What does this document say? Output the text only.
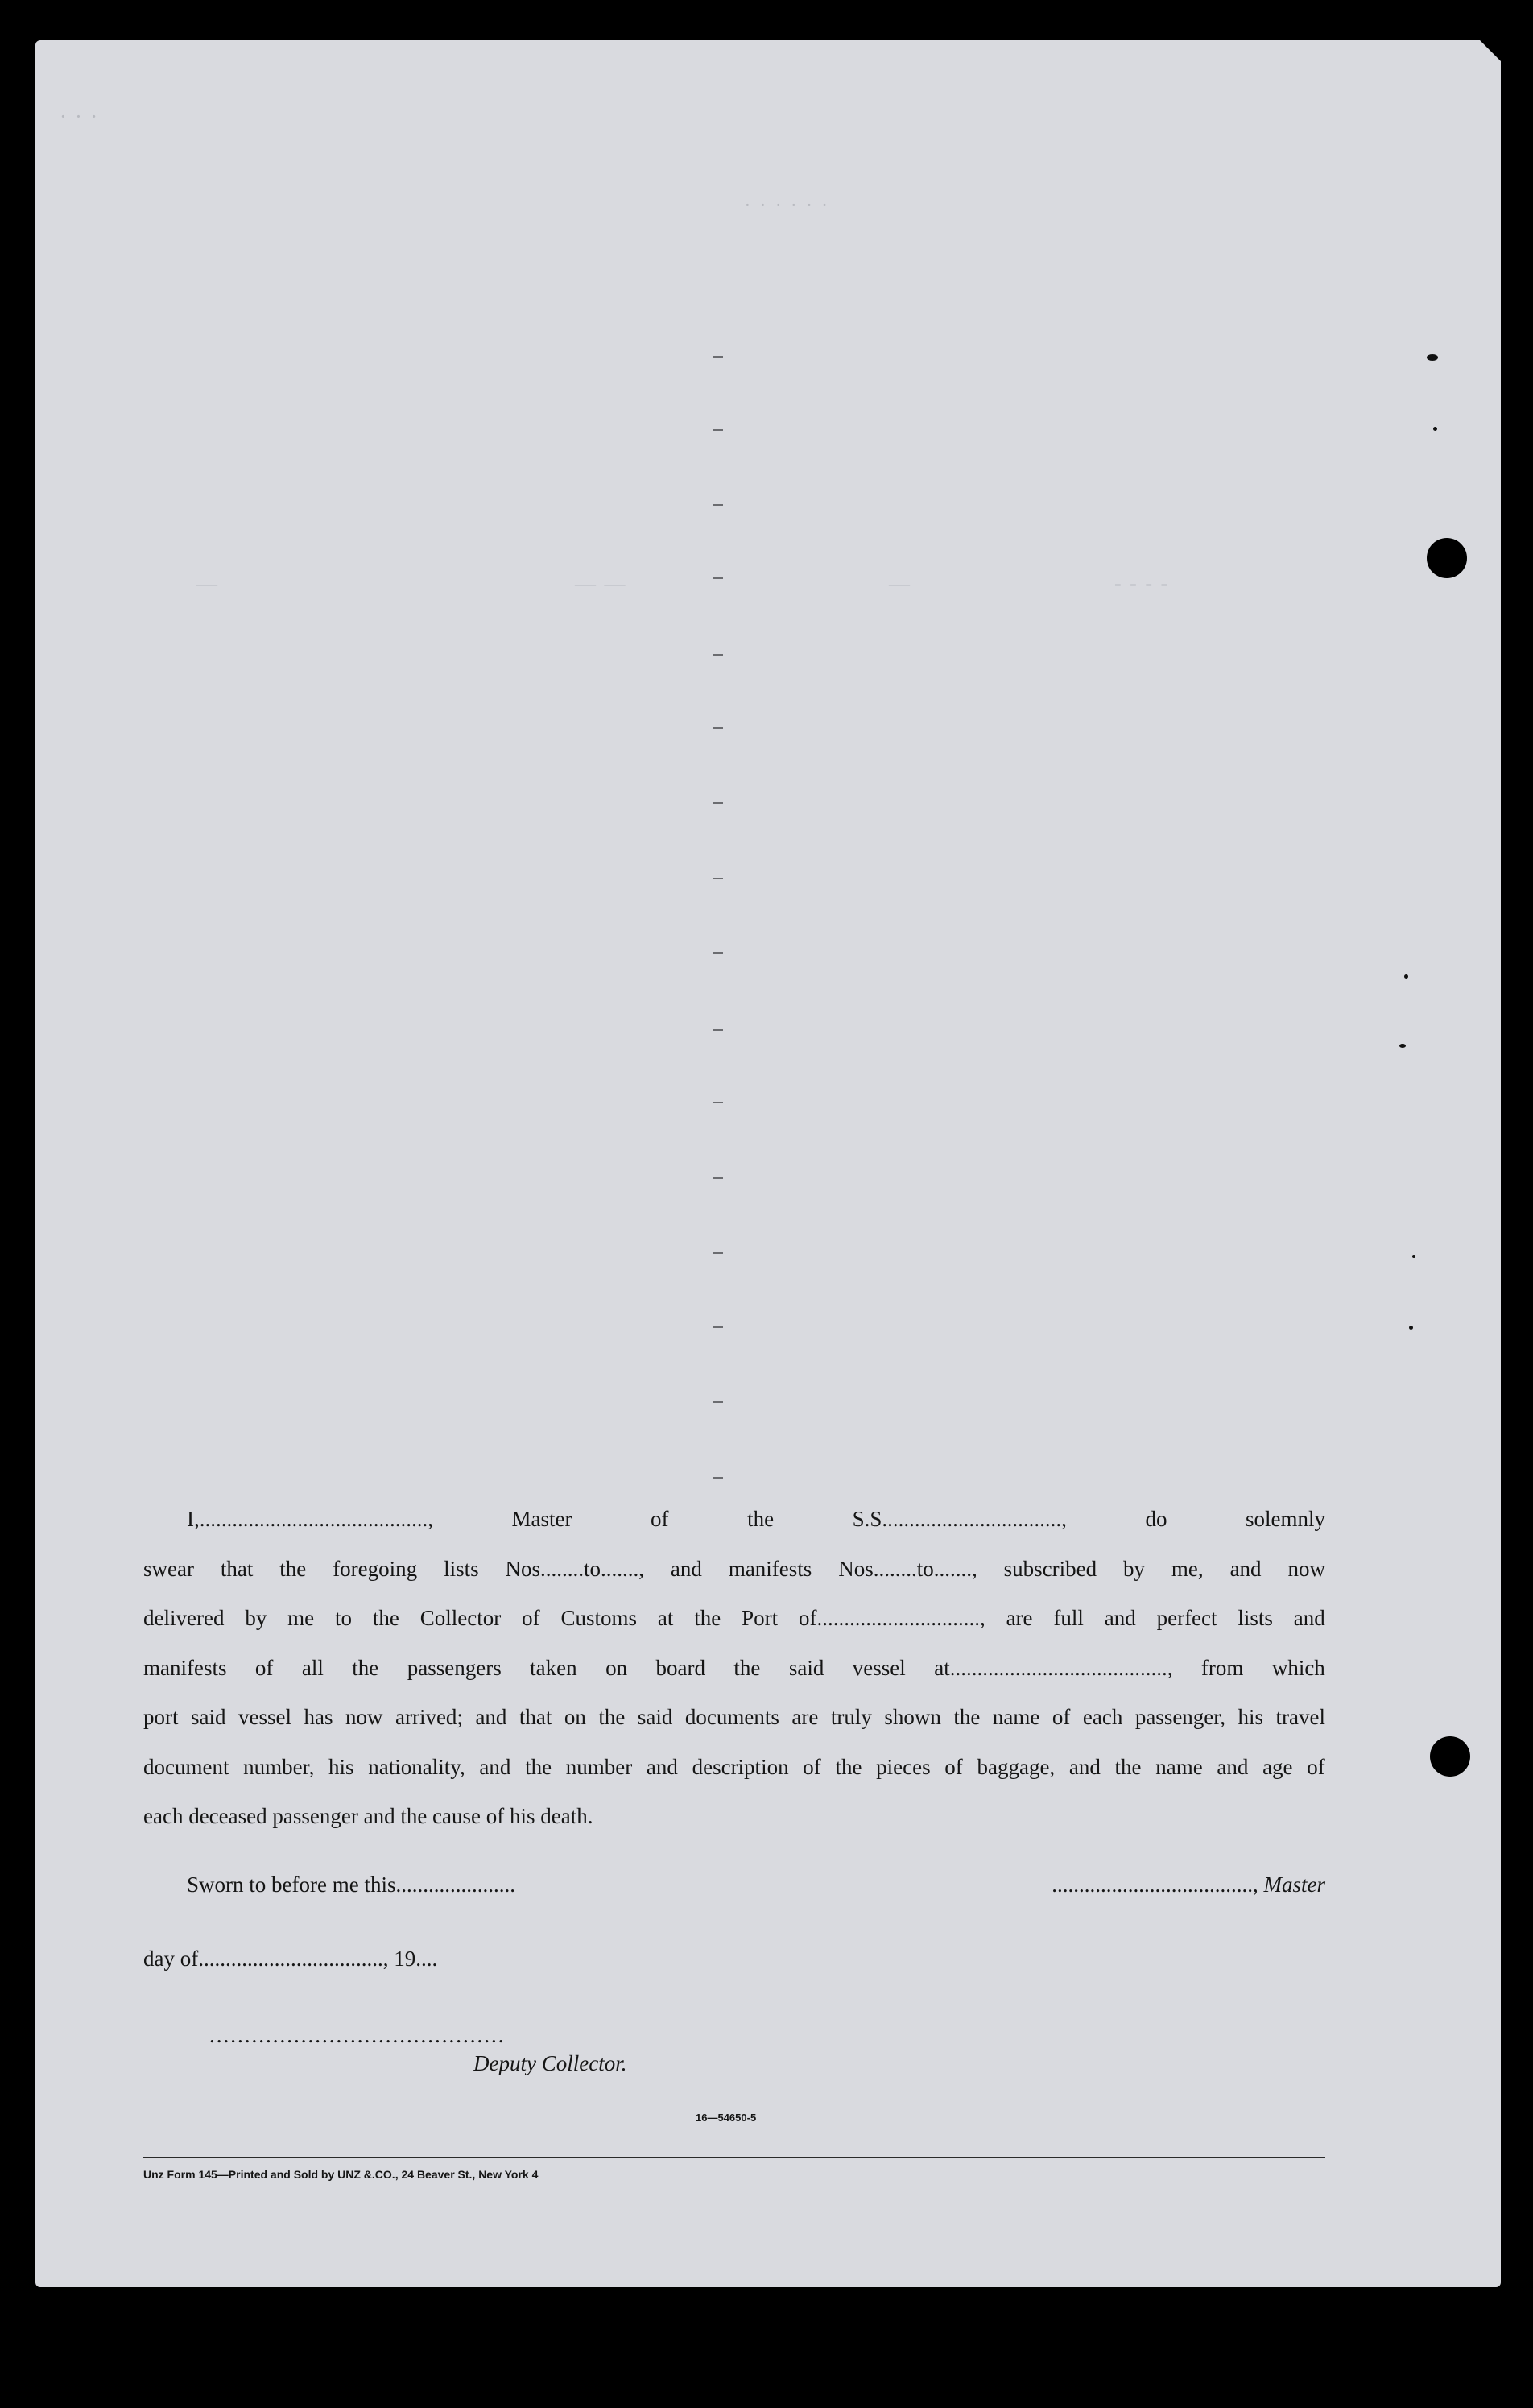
· · ·
· · · · · ·
—	— —	—	- - - -
I,..........................................,	Master	of	the	S.S.................................,	do	solemnly
swear that the foregoing lists Nos........to......., and manifests Nos........to......., subscribed by me, and now
delivered by me to the Collector of Customs at the Port of.............................., are full and perfect lists and
manifests of all the passengers taken on board the said vessel at........................................, from which
port said vessel has now arrived; and that on the said documents are truly shown the name of each passenger, his travel
document number, his nationality, and the number and description of the pieces of baggage, and the name and age of
each deceased passenger and the cause of his death.
Sworn to before me this......................	....................................., Master
day of.................................., 19....
..........................................
Deputy Collector.
16—54650-5
Unz Form 145—Printed and Sold by UNZ &.CO., 24 Beaver St., New York 4
